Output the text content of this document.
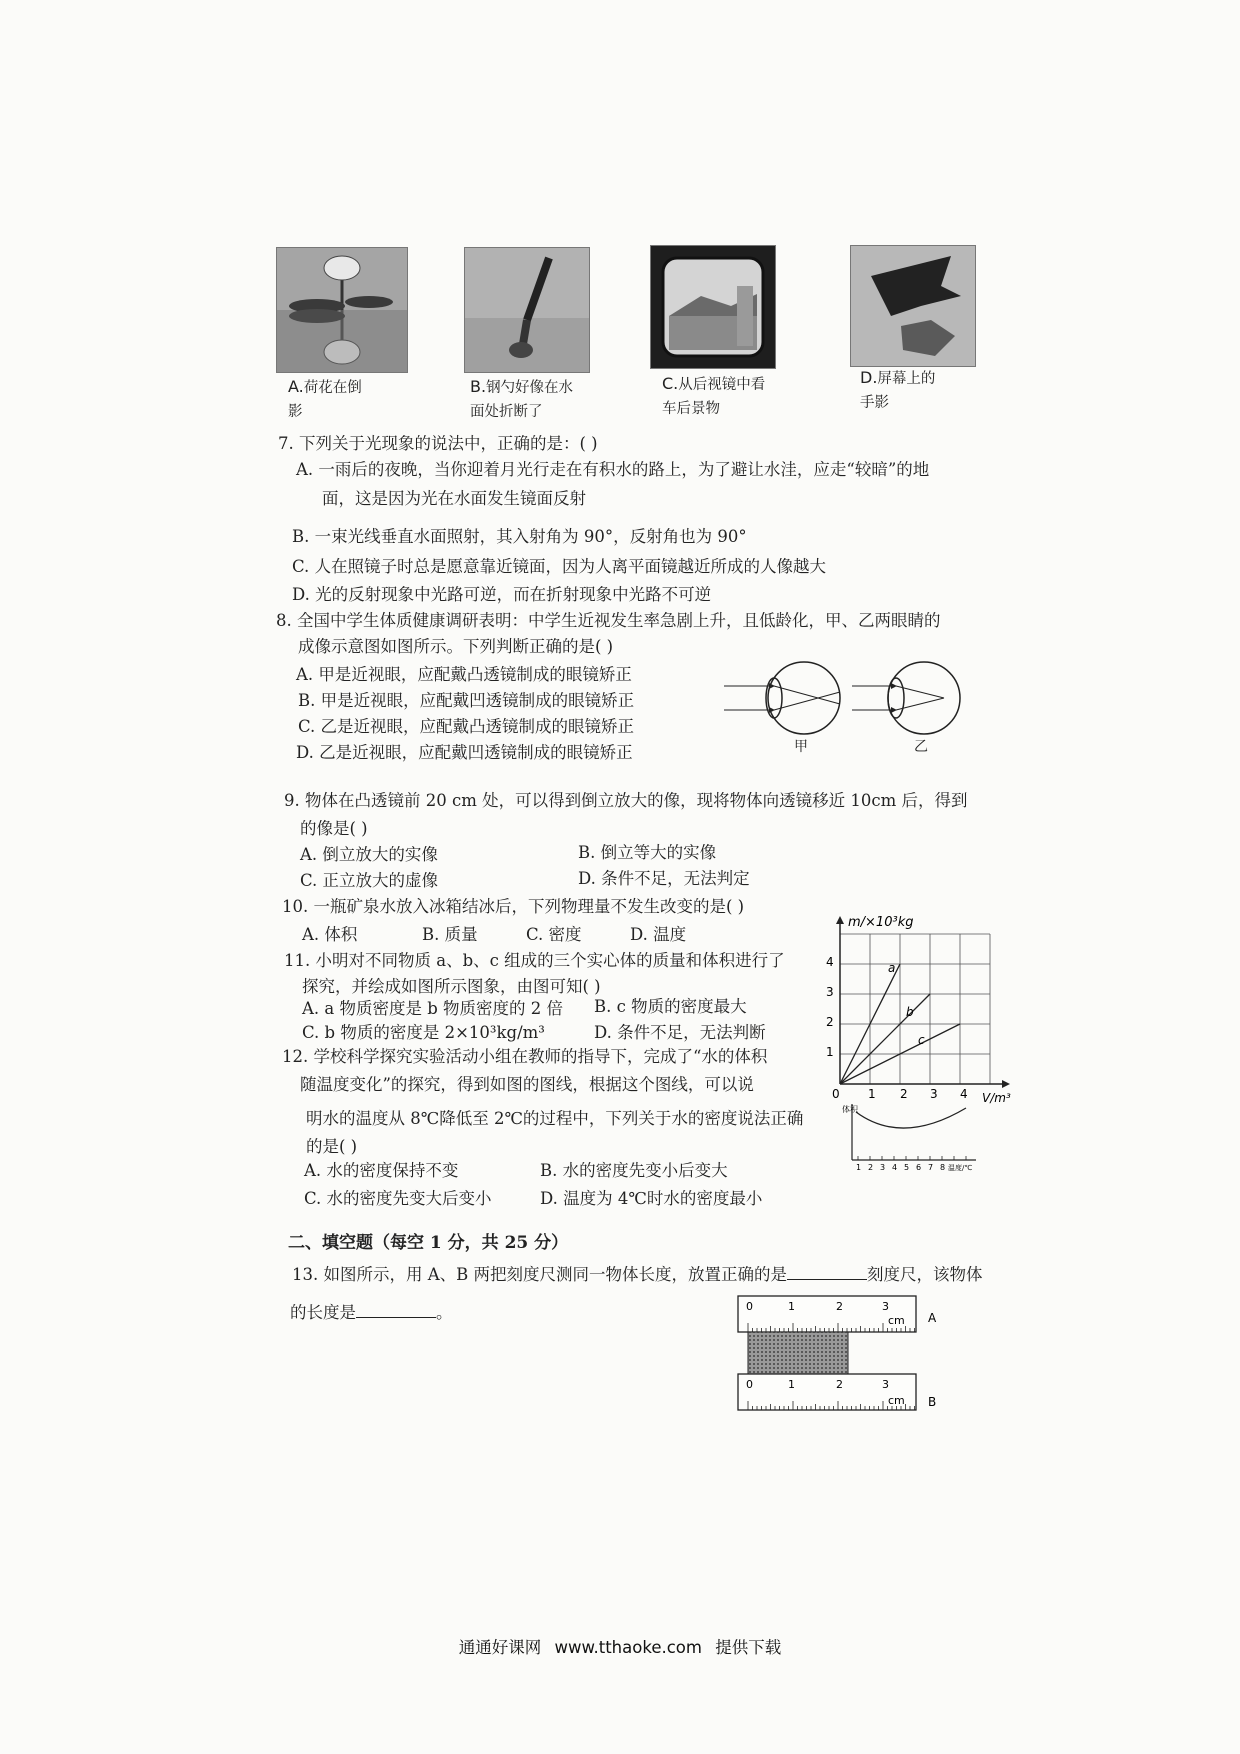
A.荷花在倒
影
B.钢勺好像在水
面处折断了
C.从后视镜中看
车后景物
D.屏幕上的
手影
7. 下列关于光现象的说法中，正确的是：( )
A. 一雨后的夜晚，当你迎着月光行走在有积水的路上，为了避让水洼，应走“较暗”的地
面，这是因为光在水面发生镜面反射
B. 一束光线垂直水面照射，其入射角为 90°，反射角也为 90°
C. 人在照镜子时总是愿意靠近镜面，因为人离平面镜越近所成的人像越大
D. 光的反射现象中光路可逆，而在折射现象中光路不可逆
8. 全国中学生体质健康调研表明：中学生近视发生率急剧上升，且低龄化，甲、乙两眼睛的
成像示意图如图所示。下列判断正确的是( )
A. 甲是近视眼，应配戴凸透镜制成的眼镜矫正
B. 甲是近视眼，应配戴凹透镜制成的眼镜矫正
C. 乙是近视眼，应配戴凸透镜制成的眼镜矫正
D. 乙是近视眼，应配戴凹透镜制成的眼镜矫正	甲	乙
9. 物体在凸透镜前 20 cm 处，可以得到倒立放大的像，现将物体向透镜移近 10cm 后，得到
的像是( )
A. 倒立放大的实像	B. 倒立等大的实像
C. 正立放大的虚像	D. 条件不足，无法判定
10. 一瓶矿泉水放入冰箱结冰后，下列物理量不发生改变的是( )
A. 体积	B. 质量	C. 密度	D. 温度
11. 小明对不同物质 a、b、c 组成的三个实心体的质量和体积进行了
探究，并绘成如图所示图象，由图可知( )
A. a 物质密度是 b 物质密度的 2 倍 B. c 物质的密度最大
C. b 物质的密度是 2×10³kg/m³	D. 条件不足，无法判断
m/×10³kg
V/m³
0 1 2 3 4
1
2
3
4	a
b
c
12. 学校科学探究实验活动小组在教师的指导下，完成了“水的体积
随温度变化”的探究，得到如图的图线，根据这个图线，可以说
明水的温度从 8℃降低至 2℃的过程中，下列关于水的密度说法正确
的是( )
A. 水的密度保持不变	B. 水的密度先变小后变大
C. 水的密度先变大后变小	D. 温度为 4℃时水的密度最小
体积
1 2 3 4 5 6 7 8 温度/℃
二、填空题（每空 1 分，共 25 分）
13. 如图所示，用 A、B 两把刻度尺测同一物体长度，放置正确的是	刻度尺，该物体
的长度是	。	0	1	2	3
cm A
0	1	2	3
cm B
通通好课网 www.tthaoke.com 提供下载
